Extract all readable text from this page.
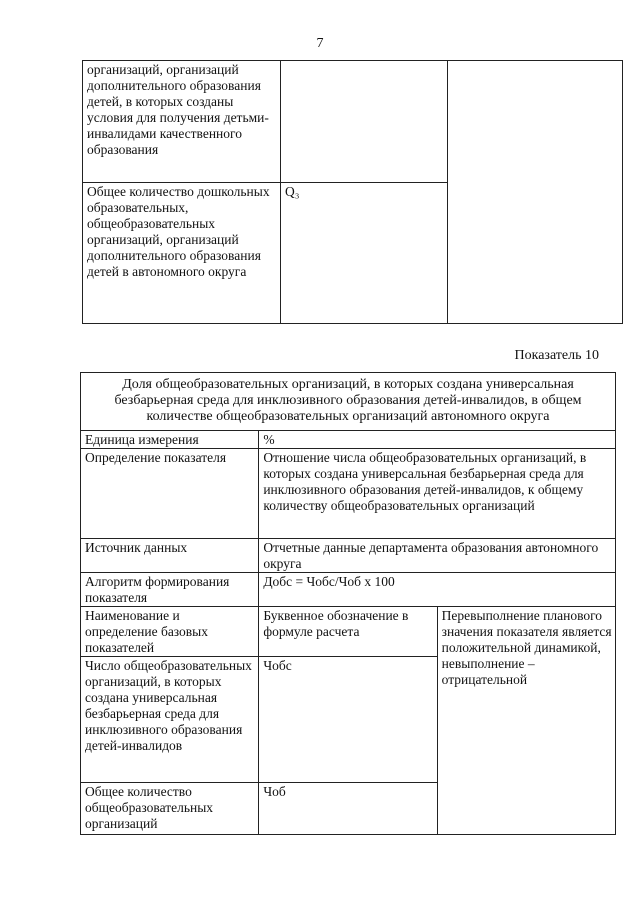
7
организаций, организаций дополнительного образования детей, в которых созданы условия для получения детьми-инвалидами качественного образования		
Общее количество дошкольных образовательных, общеобразовательных организаций, организаций дополнительного образования детей в автономного округа	Q₃	
Показатель 10
Доля общеобразовательных организаций, в которых создана универсальная безбарьерная среда для инклюзивного образования детей-инвалидов, в общем количестве общеобразовательных организаций автономного округа		
Единица измерения	%	
Определение показателя	Отношение числа общеобразовательных организаций, в которых создана универсальная безбарьерная среда для инклюзивного образования детей-инвалидов, к общему количеству общеобразовательных организаций	
Источник данных	Отчетные данные департамента образования автономного округа	
Алгоритм формирования показателя	Добс = Чобс/Чоб х 100	
Наименование и определение базовых показателей	Буквенное обозначение в формуле расчета	Перевыполнение планового значения показателя является положительной динамикой, невыполнение – отрицательной
Число общеобразовательных организаций, в которых создана универсальная безбарьерная среда для инклюзивного образования детей-инвалидов	Чобс	
Общее количество общеобразовательных организаций	Чоб	
